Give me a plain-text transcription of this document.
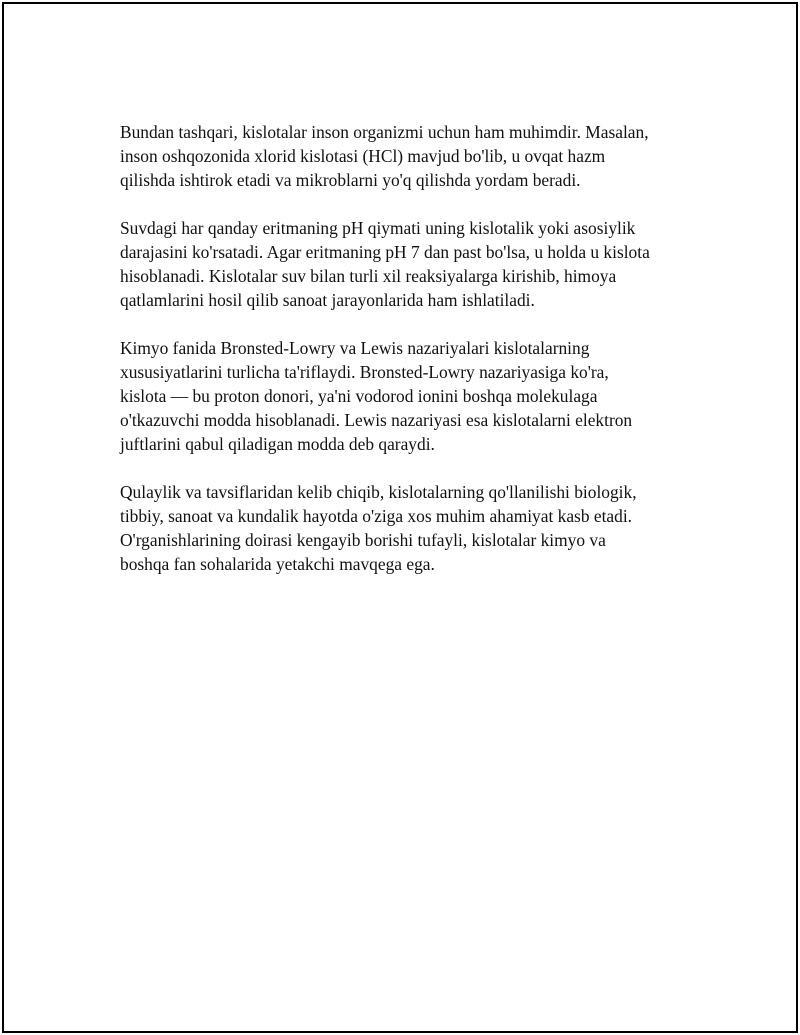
Bundan tashqari, kislotalar inson organizmi uchun ham muhimdir. Masalan,
inson oshqozonida xlorid kislotasi (HCl) mavjud bo'lib, u ovqat hazm
qilishda ishtirok etadi va mikroblarni yo'q qilishda yordam beradi.

Suvdagi har qanday eritmaning pH qiymati uning kislotalik yoki asosiylik
darajasini ko'rsatadi. Agar eritmaning pH 7 dan past bo'lsa, u holda u kislota
hisoblanadi. Kislotalar suv bilan turli xil reaksiyalarga kirishib, himoya
qatlamlarini hosil qilib sanoat jarayonlarida ham ishlatiladi.

Kimyo fanida Bronsted-Lowry va Lewis nazariyalari kislotalarning
xususiyatlarini turlicha ta'riflaydi. Bronsted-Lowry nazariyasiga ko'ra,
kislota — bu proton donori, ya'ni vodorod ionini boshqa molekulaga
o'tkazuvchi modda hisoblanadi. Lewis nazariyasi esa kislotalarni elektron
juftlarini qabul qiladigan modda deb qaraydi.

Qulaylik va tavsiflaridan kelib chiqib, kislotalarning qo'llanilishi biologik,
tibbiy, sanoat va kundalik hayotda o'ziga xos muhim ahamiyat kasb etadi.
O'rganishlarining doirasi kengayib borishi tufayli, kislotalar kimyo va
boshqa fan sohalarida yetakchi mavqega ega.
